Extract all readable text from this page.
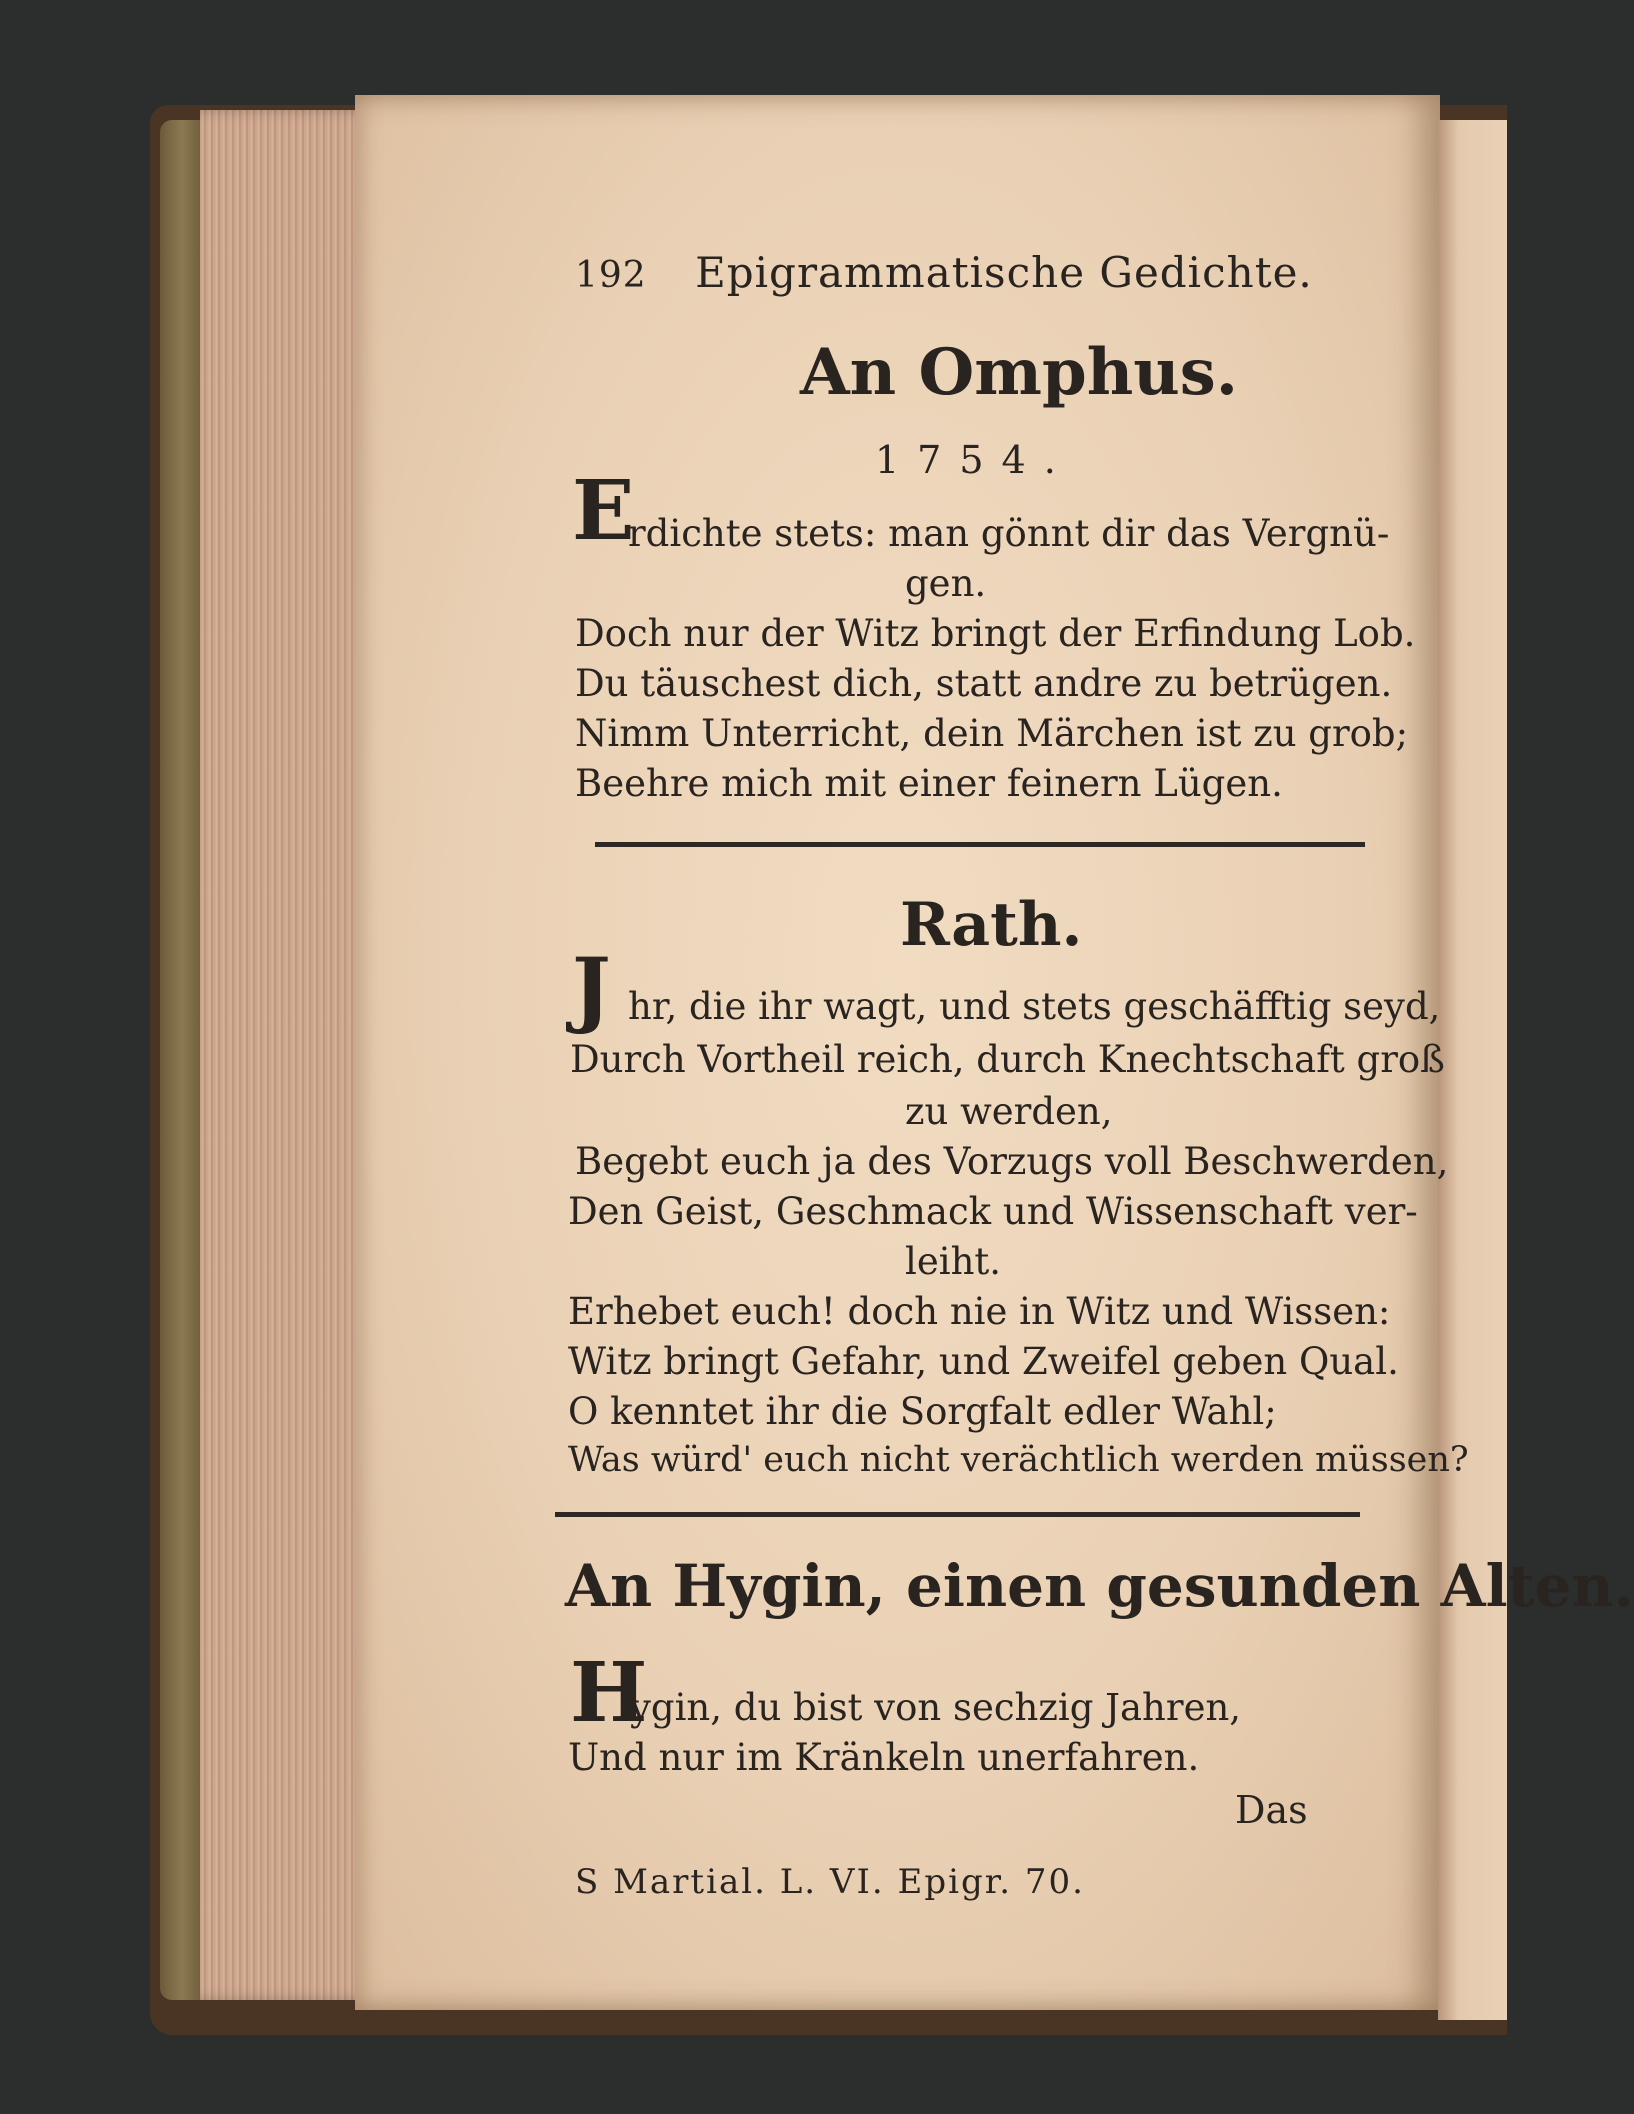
192 Epigrammatische Gedichte.
An Omphus.
1754.
E
rdichte stets: man gönnt dir das Vergnü-
gen.
Doch nur der Witz bringt der Erfindung Lob.
Du täuschest dich, statt andre zu betrügen.
Nimm Unterricht, dein Märchen ist zu grob;
Beehre mich mit einer feinern Lügen.
Rath.
J hr, die ihr wagt, und stets geschäfftig seyd,
Durch Vortheil reich, durch Knechtschaft groß
zu werden,
Begebt euch ja des Vorzugs voll Beschwerden,
Den Geist, Geschmack und Wissenschaft ver-
leiht.
Erhebet euch! doch nie in Witz und Wissen:
Witz bringt Gefahr, und Zweifel geben Qual.
O kenntet ihr die Sorgfalt edler Wahl;
Was würd' euch nicht verächtlich werden müssen?
An Hygin, einen gesunden Alten.
H
ygin, du bist von sechzig Jahren,
Und nur im Kränkeln unerfahren.
Das
S Martial. L. VI. Epigr. 70.
